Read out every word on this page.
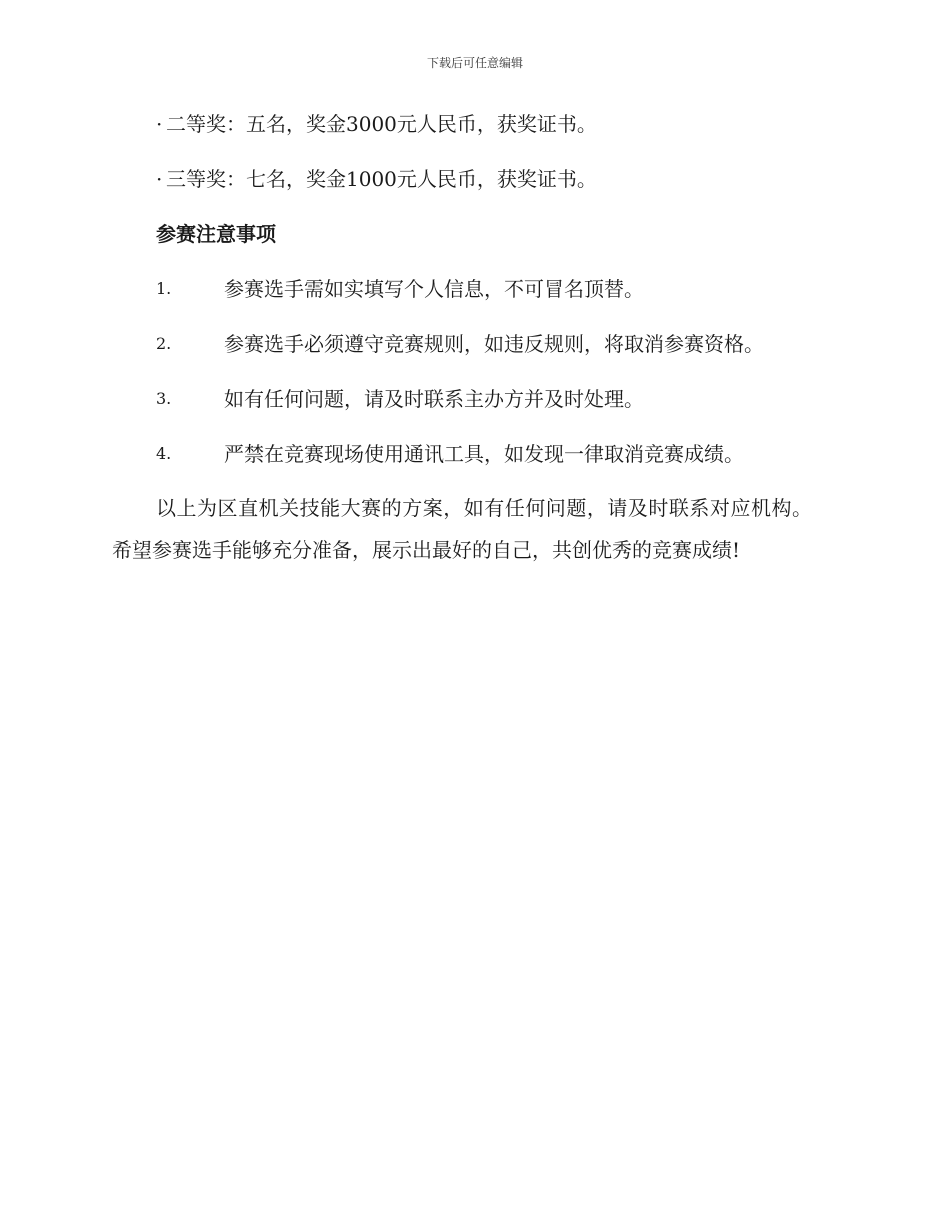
下载后可任意编辑
· 二等奖：五名，奖金3000元人民币，获奖证书。
· 三等奖：七名，奖金1000元人民币，获奖证书。
参赛注意事项
1.	参赛选手需如实填写个人信息，不可冒名顶替。
2.	参赛选手必须遵守竞赛规则，如违反规则，将取消参赛资格。
3.	如有任何问题，请及时联系主办方并及时处理。
4.	严禁在竞赛现场使用通讯工具，如发现一律取消竞赛成绩。
以上为区直机关技能大赛的方案，如有任何问题，请及时联系对应机构。希望参赛选手能够充分准备，展示出最好的自己，共创优秀的竞赛成绩!
